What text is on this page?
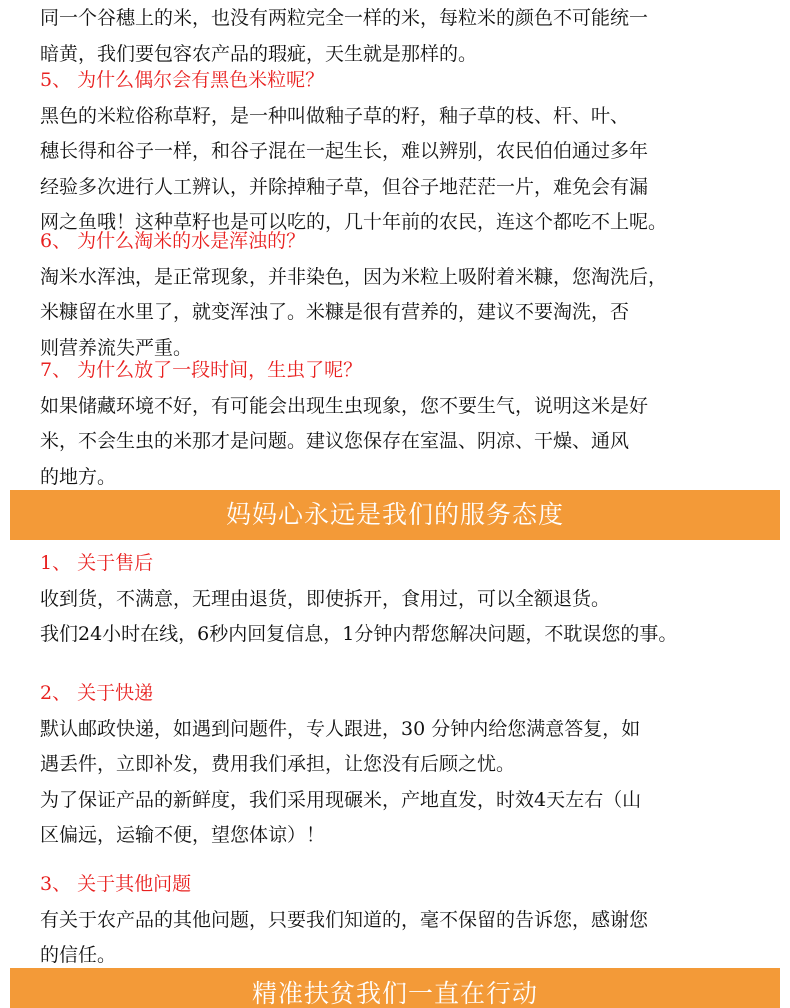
同一个谷穗上的米，也没有两粒完全一样的米，每粒米的颜色不可能统一

暗黄，我们要包容农产品的瑕疵，天生就是那样的。

5、 为什么偶尔会有黑色米粒呢？

黑色的米粒俗称草籽，是一种叫做釉子草的籽，釉子草的枝、杆、叶、

穗长得和谷子一样，和谷子混在一起生长，难以辨别，农民伯伯通过多年

经验多次进行人工辨认，并除掉釉子草，但谷子地茫茫一片，难免会有漏

网之鱼哦！这种草籽也是可以吃的，几十年前的农民，连这个都吃不上呢。

6、 为什么淘米的水是浑浊的？

淘米水浑浊，是正常现象，并非染色，因为米粒上吸附着米糠，您淘洗后，

米糠留在水里了，就变浑浊了。米糠是很有营养的，建议不要淘洗，否

则营养流失严重。

7、 为什么放了一段时间，生虫了呢？

如果储藏环境不好，有可能会出现生虫现象，您不要生气，说明这米是好

米，不会生虫的米那才是问题。建议您保存在室温、阴凉、干燥、通风

的地方。

妈妈心永远是我们的服务态度

1、 关于售后

收到货，不满意，无理由退货，即使拆开，食用过，可以全额退货。

我们24小时在线，6秒内回复信息，1分钟内帮您解决问题，不耽误您的事。

2、 关于快递

默认邮政快递，如遇到问题件，专人跟进，30 分钟内给您满意答复，如

遇丢件，立即补发，费用我们承担，让您没有后顾之忧。

为了保证产品的新鲜度，我们采用现碾米，产地直发，时效4天左右（山

区偏远，运输不便，望您体谅）！

3、 关于其他问题

有关于农产品的其他问题，只要我们知道的，毫不保留的告诉您，感谢您

的信任。

精准扶贫我们一直在行动
